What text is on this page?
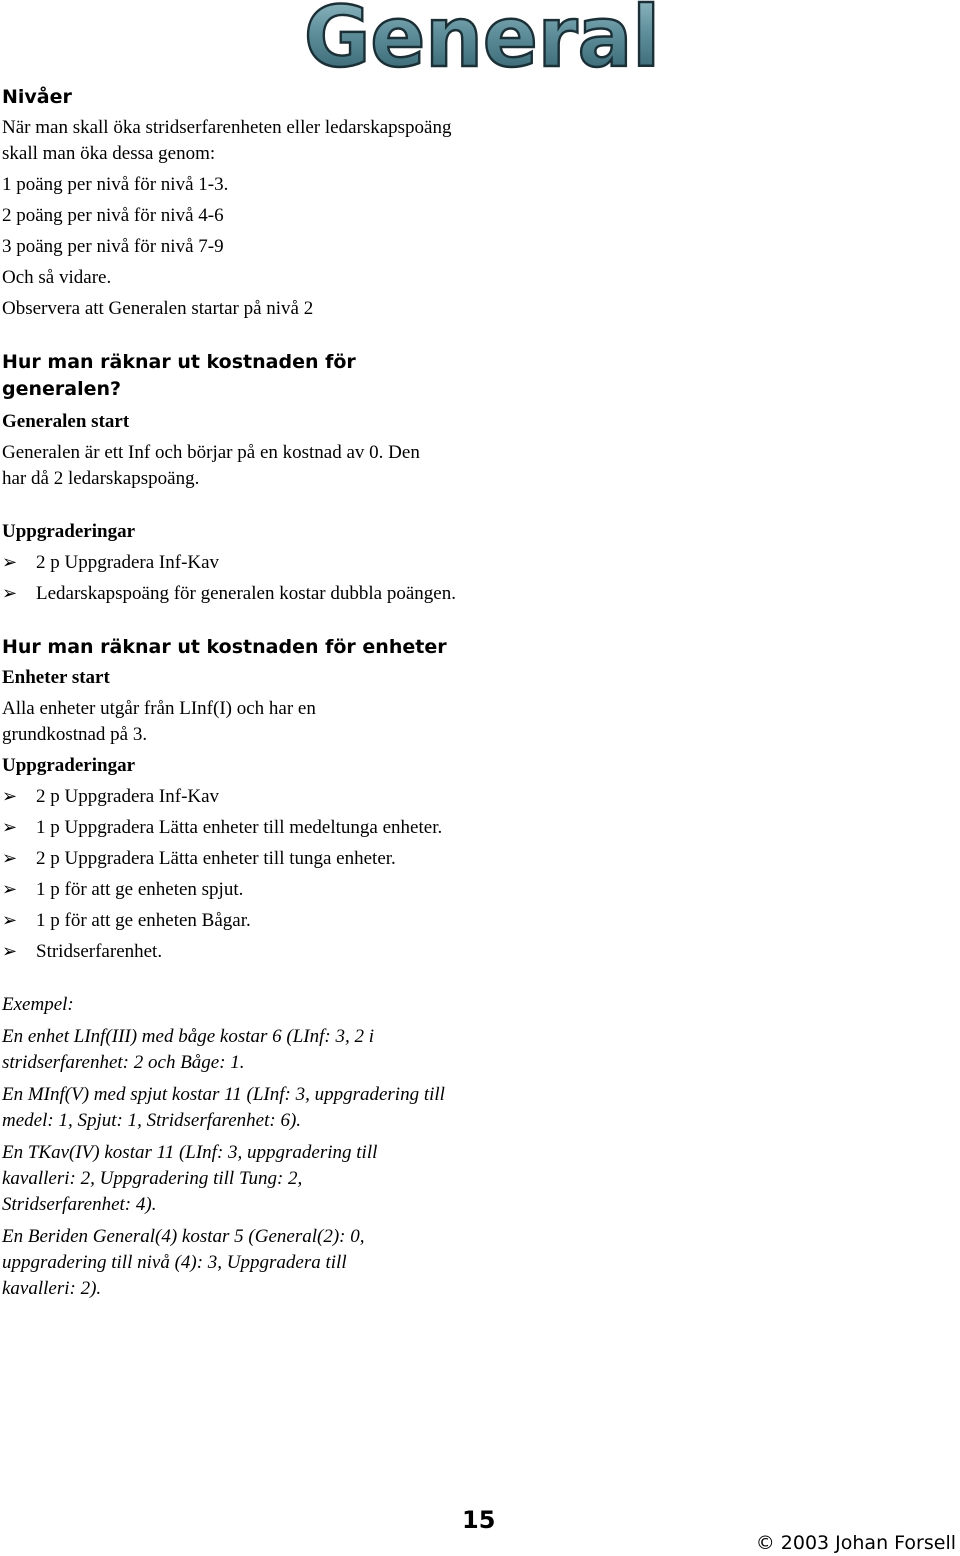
General
Nivåer
När man skall öka stridserfarenheten eller ledarskapspoäng skall man öka dessa genom:
1 poäng per nivå för nivå 1-3.
2 poäng per nivå för nivå 4-6
3 poäng per nivå för nivå 7-9
Och så vidare.
Observera att Generalen startar på nivå 2
Hur man räknar ut kostnaden för generalen?
Generalen start
Generalen är ett Inf och börjar på en kostnad av 0. Den har då 2 ledarskapspoäng.
Uppgraderingar
➢ 2 p Uppgradera Inf-Kav
➢ Ledarskapspoäng för generalen kostar dubbla poängen.
Hur man räknar ut kostnaden för enheter
Enheter start
Alla enheter utgår från LInf(I) och har en grundkostnad på 3.
Uppgraderingar
➢ 2 p Uppgradera Inf-Kav
➢ 1 p Uppgradera Lätta enheter till medeltunga enheter.
➢ 2 p Uppgradera Lätta enheter till tunga enheter.
➢ 1 p för att ge enheten spjut.
➢ 1 p för att ge enheten Bågar.
➢ Stridserfarenhet.
Exempel:
En enhet LInf(III) med båge kostar 6 (LInf: 3, 2 i stridserfarenhet: 2 och Båge: 1.
En MInf(V) med spjut kostar 11 (LInf: 3, uppgradering till medel: 1, Spjut: 1, Stridserfarenhet: 6).
En TKav(IV) kostar 11 (LInf: 3, uppgradering till kavalleri: 2, Uppgradering till Tung: 2, Stridserfarenhet: 4).
En Beriden General(4) kostar 5 (General(2): 0, uppgradering till nivå (4): 3, Uppgradera till kavalleri: 2).
15
© 2003 Johan Forsell
